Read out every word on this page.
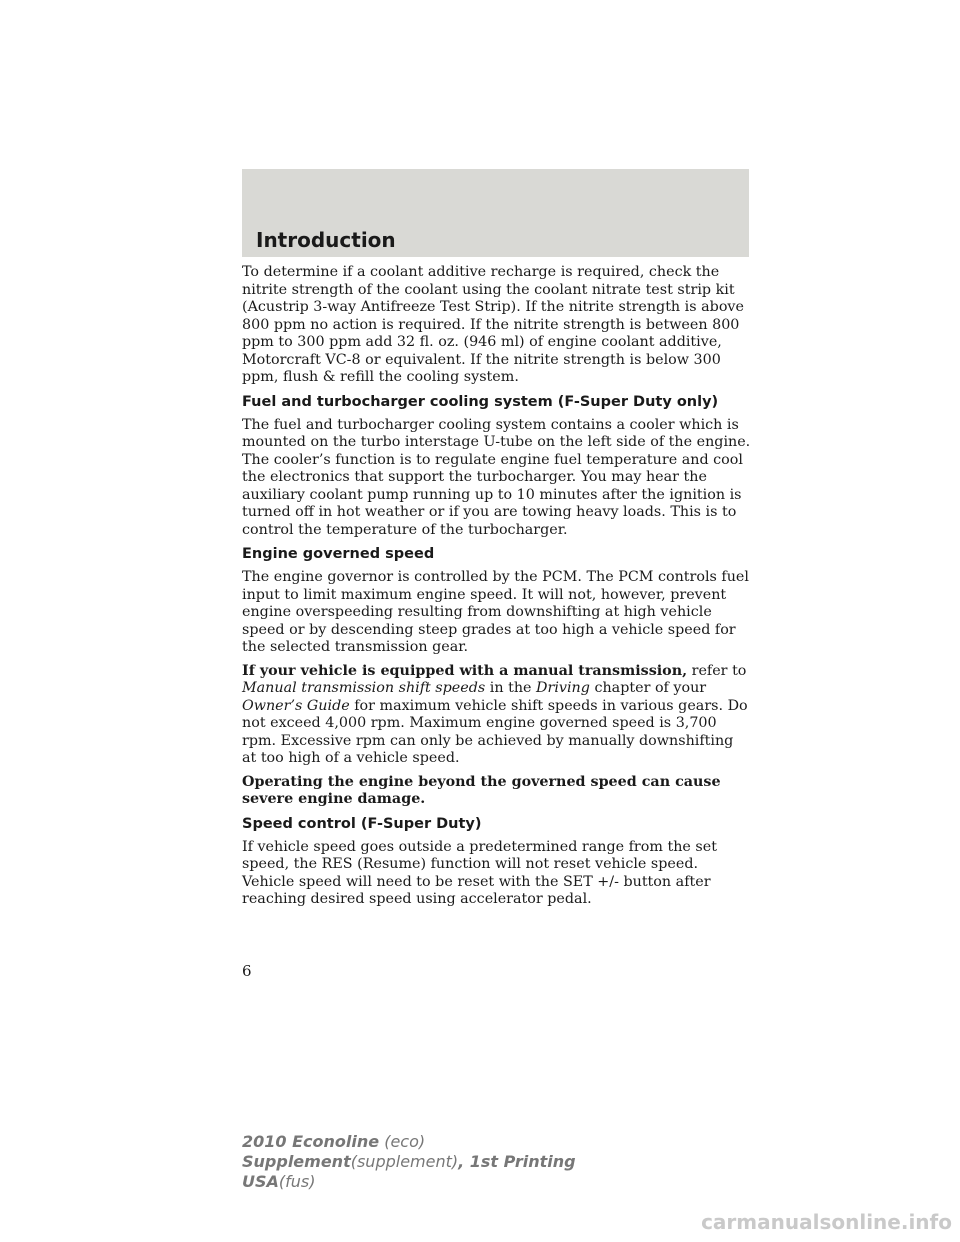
Introduction

To determine if a coolant additive recharge is required, check the nitrite strength of the coolant using the coolant nitrate test strip kit (Acustrip 3-way Antifreeze Test Strip). If the nitrite strength is above 800 ppm no action is required. If the nitrite strength is between 800 ppm to 300 ppm add 32 fl. oz. (946 ml) of engine coolant additive, Motorcraft VC-8 or equivalent. If the nitrite strength is below 300 ppm, flush & refill the cooling system.

Fuel and turbocharger cooling system (F-Super Duty only)

The fuel and turbocharger cooling system contains a cooler which is mounted on the turbo interstage U-tube on the left side of the engine. The cooler’s function is to regulate engine fuel temperature and cool the electronics that support the turbocharger. You may hear the auxiliary coolant pump running up to 10 minutes after the ignition is turned off in hot weather or if you are towing heavy loads. This is to control the temperature of the turbocharger.

Engine governed speed

The engine governor is controlled by the PCM. The PCM controls fuel input to limit maximum engine speed. It will not, however, prevent engine overspeeding resulting from downshifting at high vehicle speed or by descending steep grades at too high a vehicle speed for the selected transmission gear.

If your vehicle is equipped with a manual transmission, refer to Manual transmission shift speeds in the Driving chapter of your Owner’s Guide for maximum vehicle shift speeds in various gears. Do not exceed 4,000 rpm. Maximum engine governed speed is 3,700 rpm. Excessive rpm can only be achieved by manually downshifting at too high of a vehicle speed.

Operating the engine beyond the governed speed can cause severe engine damage.

Speed control (F-Super Duty)

If vehicle speed goes outside a predetermined range from the set speed, the RES (Resume) function will not reset vehicle speed. Vehicle speed will need to be reset with the SET +/- button after reaching desired speed using accelerator pedal.

6

2010 Econoline (eco)
Supplement(supplement), 1st Printing
USA(fus)
carmanualsonline.info
